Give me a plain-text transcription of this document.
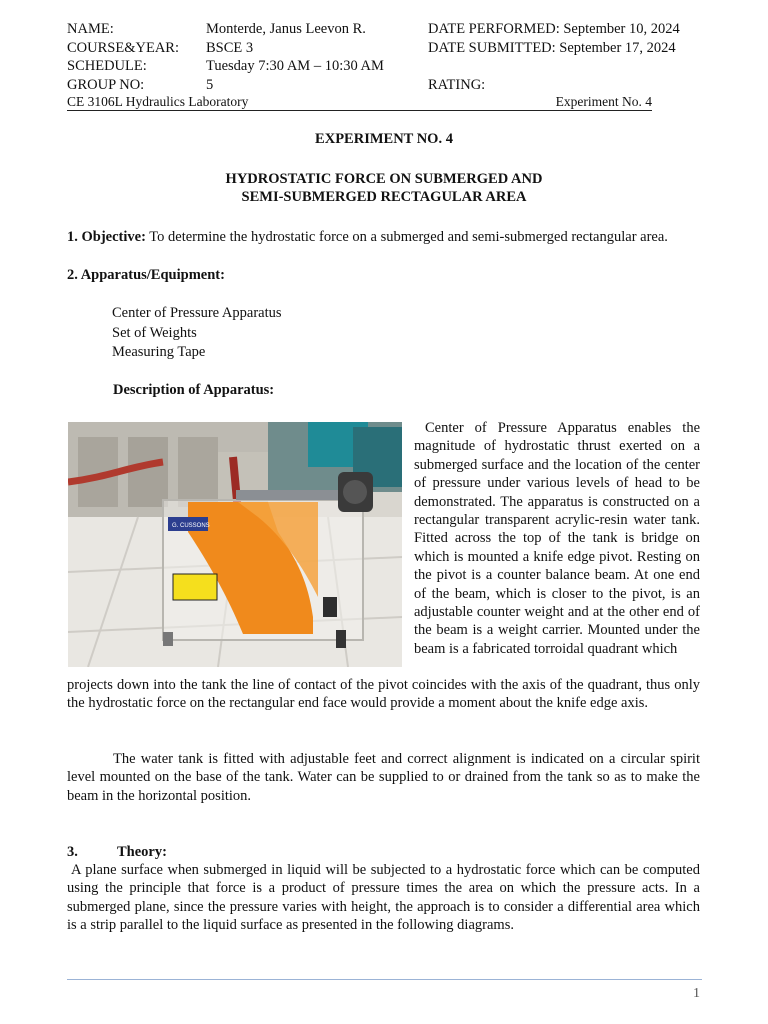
NAME:	Monterde, Janus Leevon R.	DATE PERFORMED: September 10, 2024
COURSE&YEAR: BSCE 3	DATE SUBMITTED: September 17, 2024
SCHEDULE:	Tuesday 7:30 AM – 10:30 AM
GROUP NO:	5	RATING:
CE 3106L Hydraulics Laboratory	Experiment No. 4
EXPERIMENT NO. 4
HYDROSTATIC FORCE ON SUBMERGED AND
SEMI-SUBMERGED RECTAGULAR AREA
1. Objective: To determine the hydrostatic force on a submerged and semi-submerged rectangular area.
2. Apparatus/Equipment:
Center of Pressure Apparatus
Set of Weights
Measuring Tape
Description of Apparatus:
G. CUSSONS
Center of Pressure Apparatus enables the magnitude of hydrostatic thrust exerted on a submerged surface and the location of the center of pressure under various levels of head to be demonstrated. The apparatus is constructed on a rectangular transparent acrylic-resin water tank. Fitted across the top of the tank is bridge on which is mounted a knife edge pivot. Resting on the pivot is a counter balance beam. At one end of the beam, which is closer to the pivot, is an adjustable counter weight and at the other end of the beam is a weight carrier. Mounted under the beam is a fabricated torroidal quadrant which
projects down into the tank the line of contact of the pivot coincides with the axis of the quadrant, thus only the hydrostatic force on the rectangular end face would provide a moment about the knife edge axis.
The water tank is fitted with adjustable feet and correct alignment is indicated on a circular spirit level mounted on the base of the tank. Water can be supplied to or drained from the tank so as to make the beam in the horizontal position.
3.	Theory:
A plane surface when submerged in liquid will be subjected to a hydrostatic force which can be computed using the principle that force is a product of pressure times the area on which the pressure acts. In a submerged plane, since the pressure varies with height, the approach is to consider a differential area which is a strip parallel to the liquid surface as presented in the following diagrams.
1
